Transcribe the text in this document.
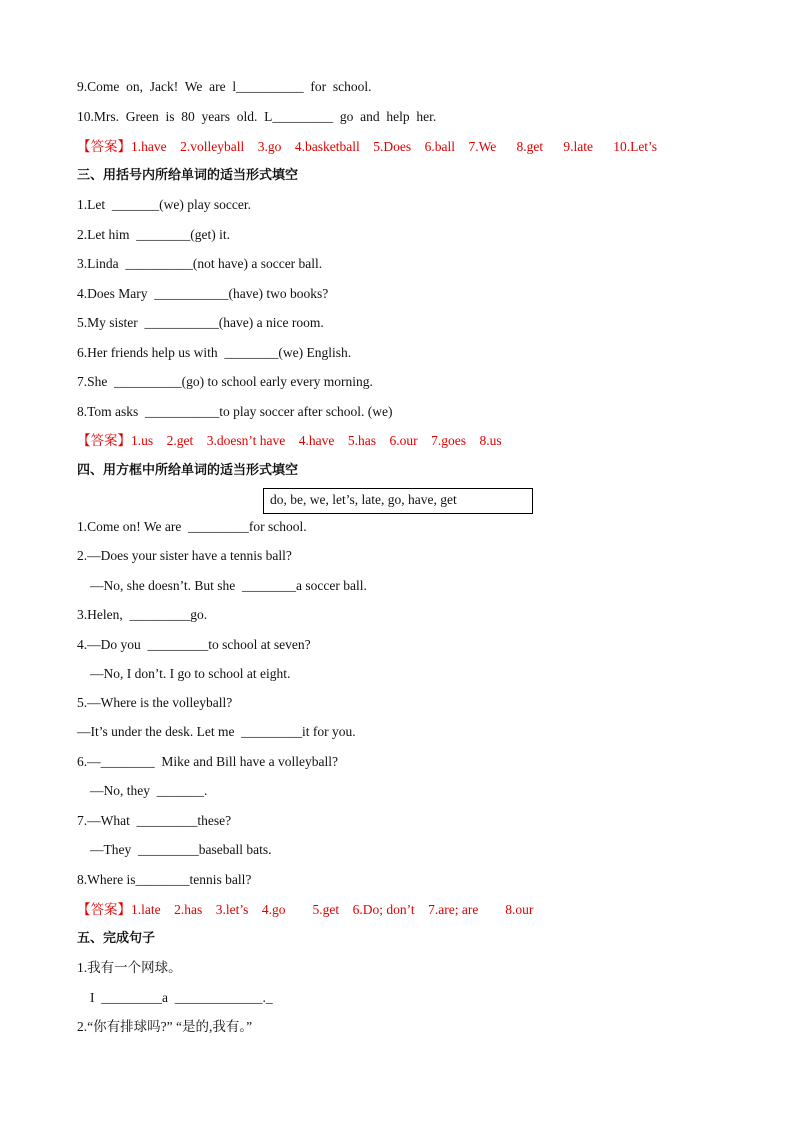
9.Come  on,  Jack!  We  are  l__________  for  school.
10.Mrs.  Green  is  80  years  old.  L_________  go  and  help  her.
【答案】1.have    2.volleyball    3.go    4.basketball    5.Does    6.ball    7.We      8.get      9.late      10.Let’s
三、用括号内所给单词的适当形式填空
1.Let  _______(we) play soccer.
2.Let him  ________(get) it.
3.Linda  __________(not have) a soccer ball.
4.Does Mary  ___________(have) two books?
5.My sister  ___________(have) a nice room.
6.Her friends help us with  ________(we) English.
7.She  __________(go) to school early every morning.
8.Tom asks  ___________to play soccer after school. (we)
【答案】1.us    2.get    3.doesn’t have    4.have    5.has    6.our    7.goes    8.us
四、用方框中所给单词的适当形式填空
do, be, we, let’s, late, go, have, get
1.Come on! We are  _________for school.
2.—Does your sister have a tennis ball?
—No, she doesn’t. But she  ________a soccer ball.
3.Helen,  _________go.
4.—Do you  _________to school at seven?
—No, I don’t. I go to school at eight.
5.—Where is the volleyball?
—It’s under the desk. Let me  _________it for you.
6.—________  Mike and Bill have a volleyball?
—No, they  _______.
7.—What  _________these?
—They  _________baseball bats.
8.Where is________tennis ball?
【答案】1.late    2.has    3.let’s    4.go        5.get    6.Do; don’t    7.are; are        8.our
五、完成句子
1.我有一个网球。
I  _________a  _____________._
2.“你有排球吗?” “是的,我有。”
